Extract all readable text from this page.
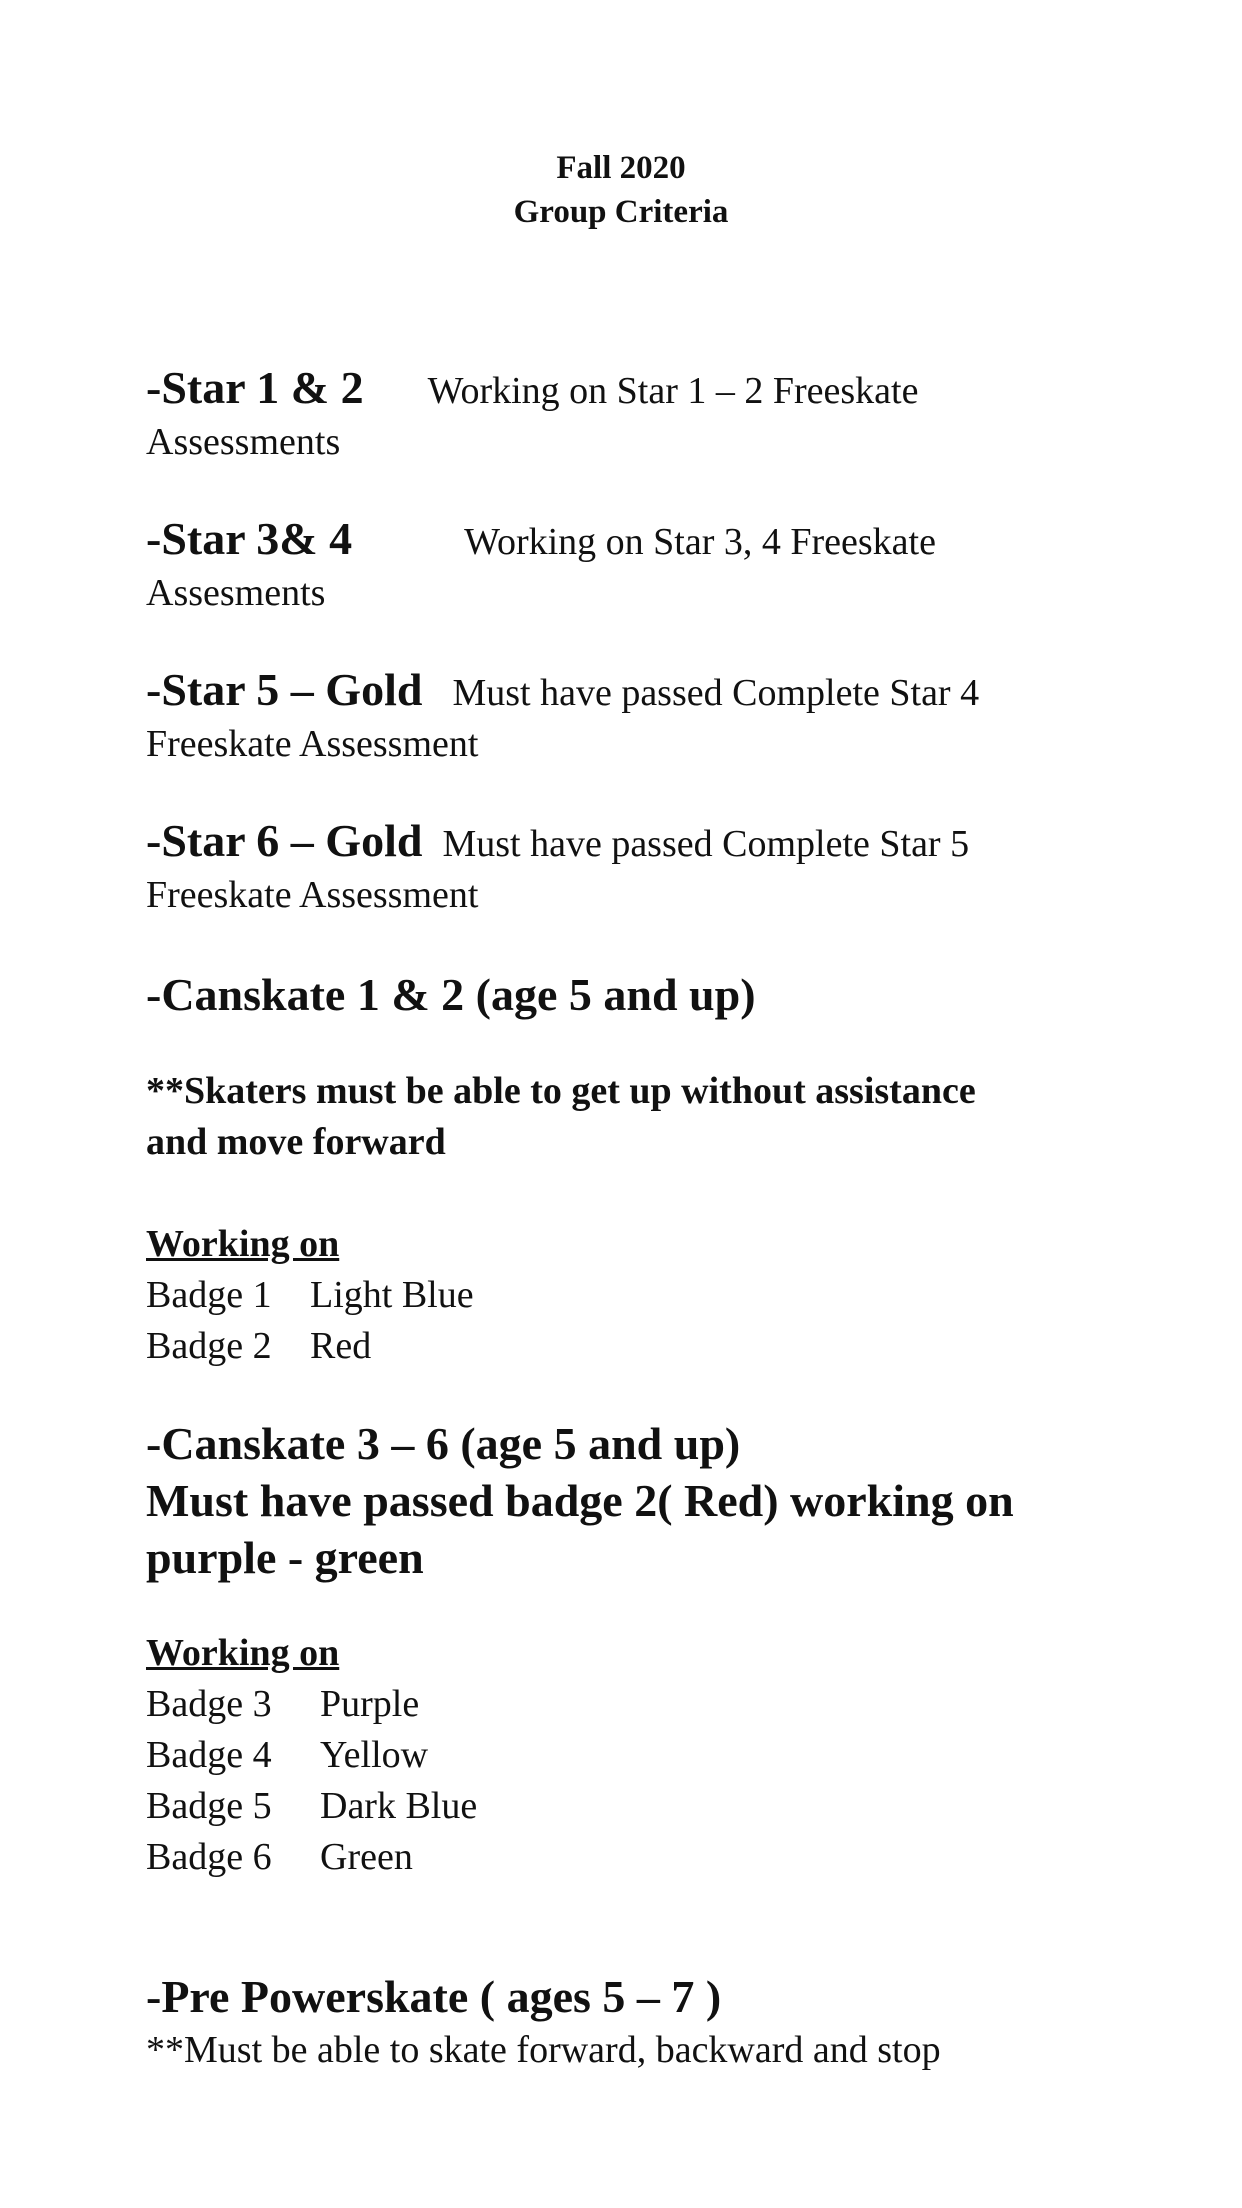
Fall 2020
Group Criteria
-Star 1 & 2 Working on Star 1 – 2 Freeskate
Assessments
-Star 3& 4	Working on Star 3, 4 Freeskate
Assesments
-Star 5 – Gold Must have passed Complete Star 4
Freeskate Assessment
-Star 6 – Gold Must have passed Complete Star 5
Freeskate Assessment
-Canskate 1 & 2 (age 5 and up)
**Skaters must be able to get up without assistance
and move forward
Working on
Badge 1 Light Blue
Badge 2 Red
-Canskate 3 – 6 (age 5 and up)
Must have passed badge 2( Red) working on
purple - green
Working on
Badge 3 Purple
Badge 4 Yellow
Badge 5 Dark Blue
Badge 6 Green
-Pre Powerskate ( ages 5 – 7 )
**Must be able to skate forward, backward and stop
